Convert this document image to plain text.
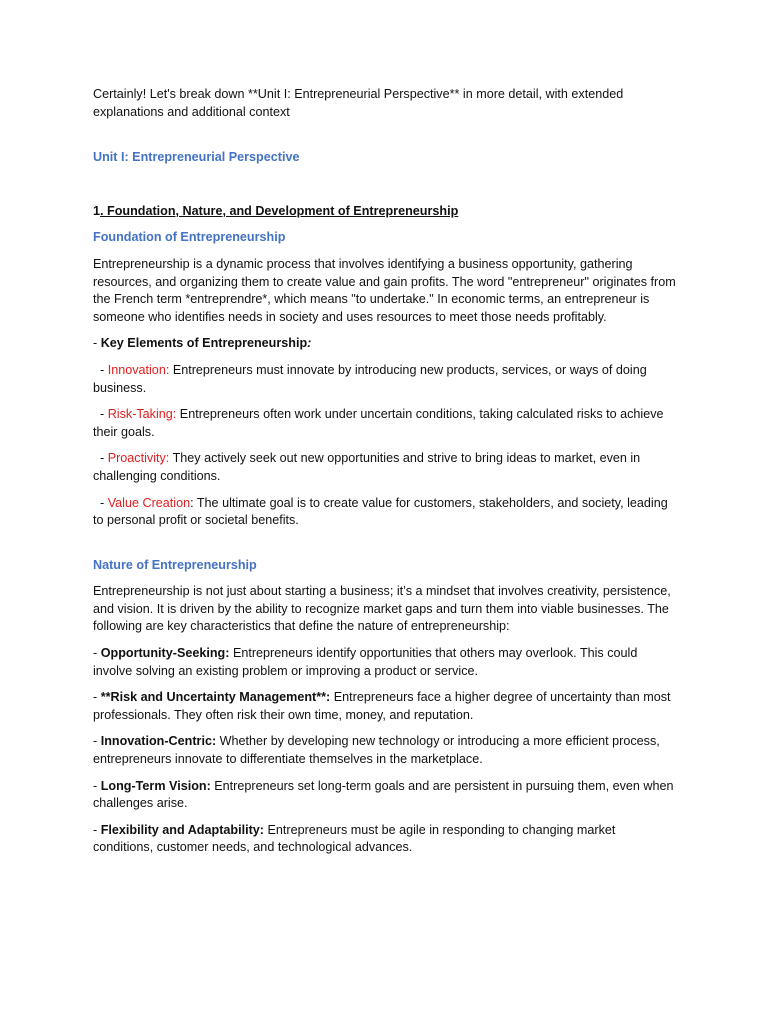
Certainly! Let's break down **Unit I: Entrepreneurial Perspective** in more detail, with extended explanations and additional context

Unit I: Entrepreneurial Perspective

1. Foundation, Nature, and Development of Entrepreneurship

Foundation of Entrepreneurship

Entrepreneurship is a dynamic process that involves identifying a business opportunity, gathering resources, and organizing them to create value and gain profits. The word "entrepreneur" originates from the French term *entreprendre*, which means "to undertake." In economic terms, an entrepreneur is someone who identifies needs in society and uses resources to meet those needs profitably.

- Key Elements of Entrepreneurship:

- Innovation: Entrepreneurs must innovate by introducing new products, services, or ways of doing business.

- Risk-Taking: Entrepreneurs often work under uncertain conditions, taking calculated risks to achieve their goals.

- Proactivity: They actively seek out new opportunities and strive to bring ideas to market, even in challenging conditions.

- Value Creation: The ultimate goal is to create value for customers, stakeholders, and society, leading to personal profit or societal benefits.

Nature of Entrepreneurship

Entrepreneurship is not just about starting a business; it’s a mindset that involves creativity, persistence, and vision. It is driven by the ability to recognize market gaps and turn them into viable businesses. The following are key characteristics that define the nature of entrepreneurship:

- Opportunity-Seeking: Entrepreneurs identify opportunities that others may overlook. This could involve solving an existing problem or improving a product or service.

- **Risk and Uncertainty Management**: Entrepreneurs face a higher degree of uncertainty than most professionals. They often risk their own time, money, and reputation.

- Innovation-Centric: Whether by developing new technology or introducing a more efficient process, entrepreneurs innovate to differentiate themselves in the marketplace.

- Long-Term Vision: Entrepreneurs set long-term goals and are persistent in pursuing them, even when challenges arise.

- Flexibility and Adaptability: Entrepreneurs must be agile in responding to changing market conditions, customer needs, and technological advances.
